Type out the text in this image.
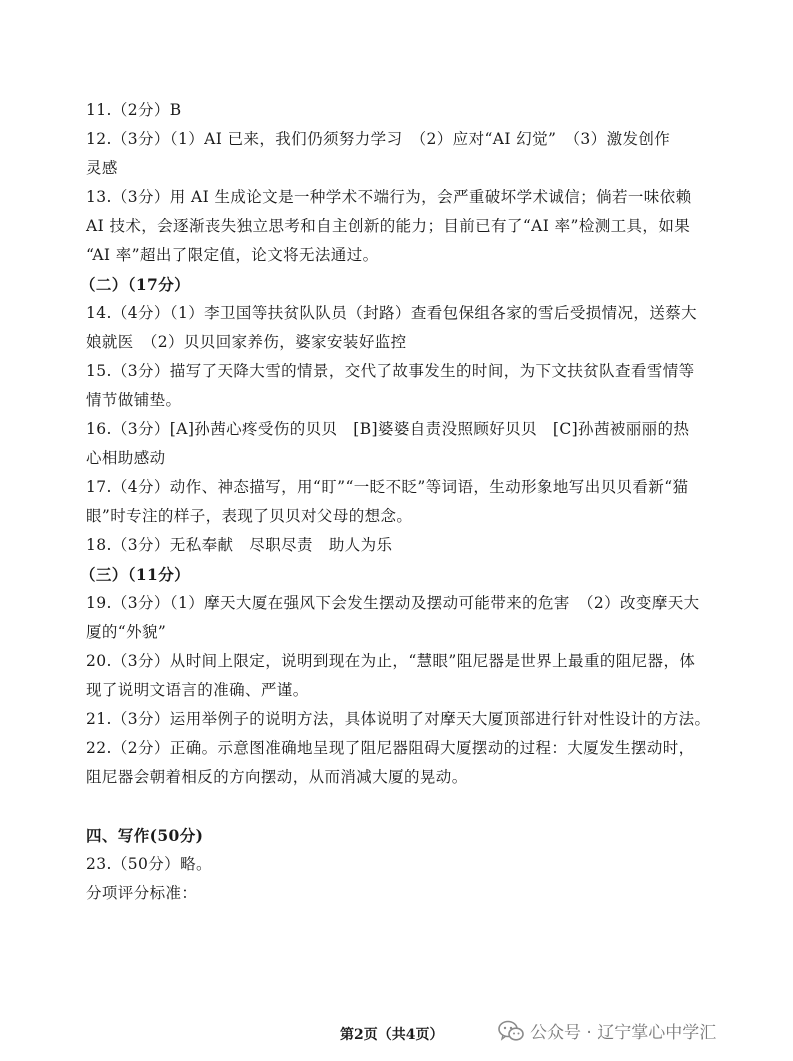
11.（2分）B
12.（3分）（1）AI 已来，我们仍须努力学习　（2）应对“AI 幻觉”　（3）激发创作
灵感
13.（3分）用 AI 生成论文是一种学术不端行为，会严重破坏学术诚信；倘若一味依赖
AI 技术，会逐渐丧失独立思考和自主创新的能力；目前已有了“AI 率”检测工具，如果
“AI 率”超出了限定值，论文将无法通过。
（二）（17分）
14.（4分）（1）李卫国等扶贫队队员（封路）查看包保组各家的雪后受损情况，送蔡大
娘就医　（2）贝贝回家养伤，婆家安装好监控
15.（3分）描写了天降大雪的情景，交代了故事发生的时间，为下文扶贫队查看雪情等
情节做铺垫。
16.（3分）[A]孙茜心疼受伤的贝贝　[B]婆婆自责没照顾好贝贝　[C]孙茜被丽丽的热
心相助感动
17.（4分）动作、神态描写，用“盯”“一眨不眨”等词语，生动形象地写出贝贝看新“猫
眼”时专注的样子，表现了贝贝对父母的想念。
18.（3分）无私奉献　尽职尽责　助人为乐
（三）（11分）
19.（3分）（1）摩天大厦在强风下会发生摆动及摆动可能带来的危害　（2）改变摩天大
厦的“外貌”
20.（3分）从时间上限定，说明到现在为止，“慧眼”阻尼器是世界上最重的阻尼器，体
现了说明文语言的准确、严谨。
21.（3分）运用举例子的说明方法，具体说明了对摩天大厦顶部进行针对性设计的方法。
22.（2分）正确。示意图准确地呈现了阻尼器阻碍大厦摆动的过程：大厦发生摆动时，
阻尼器会朝着相反的方向摆动，从而消减大厦的晃动。
四、写作(50分)
23.（50分）略。
分项评分标准：
第2页（共4页）	公众号 · 辽宁掌心中学汇
